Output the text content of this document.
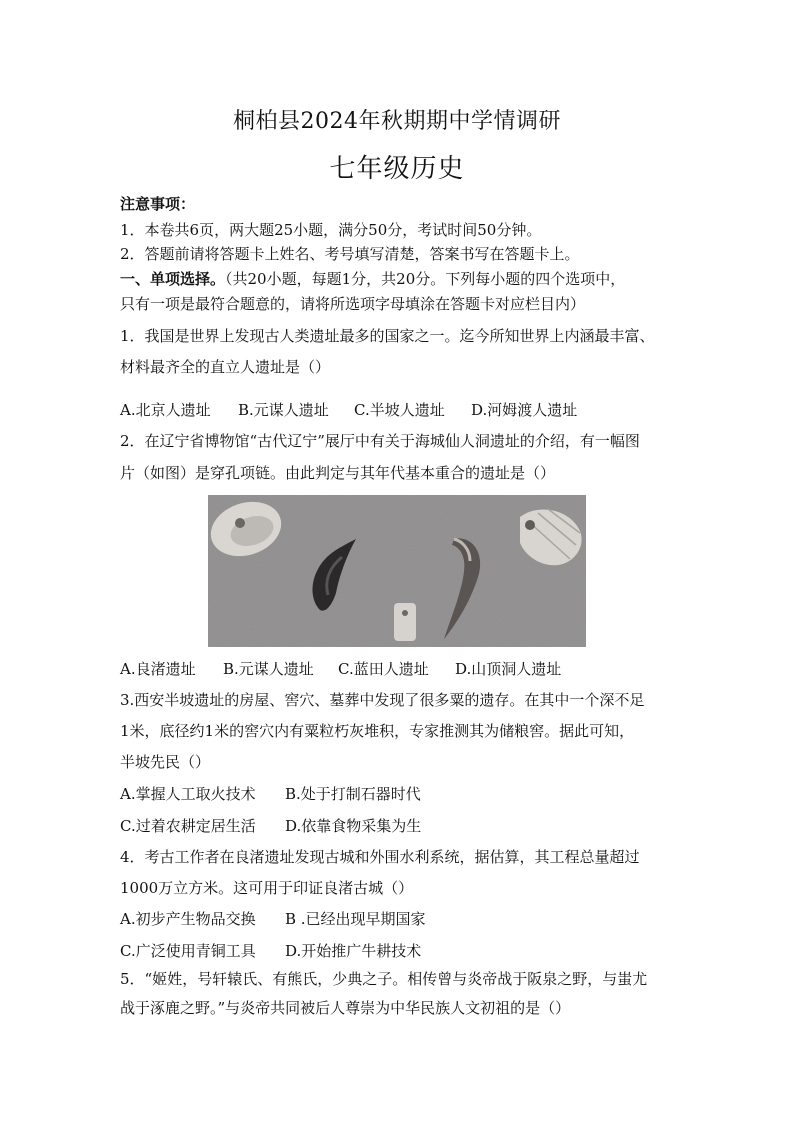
桐柏县2024年秋期期中学情调研
七年级历史
注意事项：
1．本卷共6页，两大题25小题，满分50分，考试时间50分钟。
2．答题前请将答题卡上姓名、考号填写清楚，答案书写在答题卡上。
一、单项选择。（共20小题，每题1分，共20分。下列每小题的四个选项中，
只有一项是最符合题意的，请将所选项字母填涂在答题卡对应栏目内）
1．我国是世界上发现古人类遗址最多的国家之一。迄今所知世界上内涵最丰富、
材料最齐全的直立人遗址是（）
A.北京人遗址	B.元谋人遗址	C.半坡人遗址	D.河姆渡人遗址
2．在辽宁省博物馆“古代辽宁”展厅中有关于海城仙人洞遗址的介绍，有一幅图
片（如图）是穿孔项链。由此判定与其年代基本重合的遗址是（）
A.良渚遗址	B.元谋人遗址	C.蓝田人遗址	D.山顶洞人遗址
3.西安半坡遗址的房屋、窖穴、墓葬中发现了很多粟的遗存。在其中一个深不足
1米，底径约1米的窖穴内有粟粒朽灰堆积，专家推测其为储粮窖。据此可知，
半坡先民（）
A.掌握人工取火技术	B.处于打制石器时代
C.过着农耕定居生活	D.依靠食物采集为生
4．考古工作者在良渚遗址发现古城和外围水利系统，据估算，其工程总量超过
1000万立方米。这可用于印证良渚古城（）
A.初步产生物品交换	B .已经出现早期国家
C.广泛使用青铜工具	D.开始推广牛耕技术
5．“姬姓，号轩辕氏、有熊氏，少典之子。相传曾与炎帝战于阪泉之野，与蚩尤
战于涿鹿之野。”与炎帝共同被后人尊崇为中华民族人文初祖的是（）
